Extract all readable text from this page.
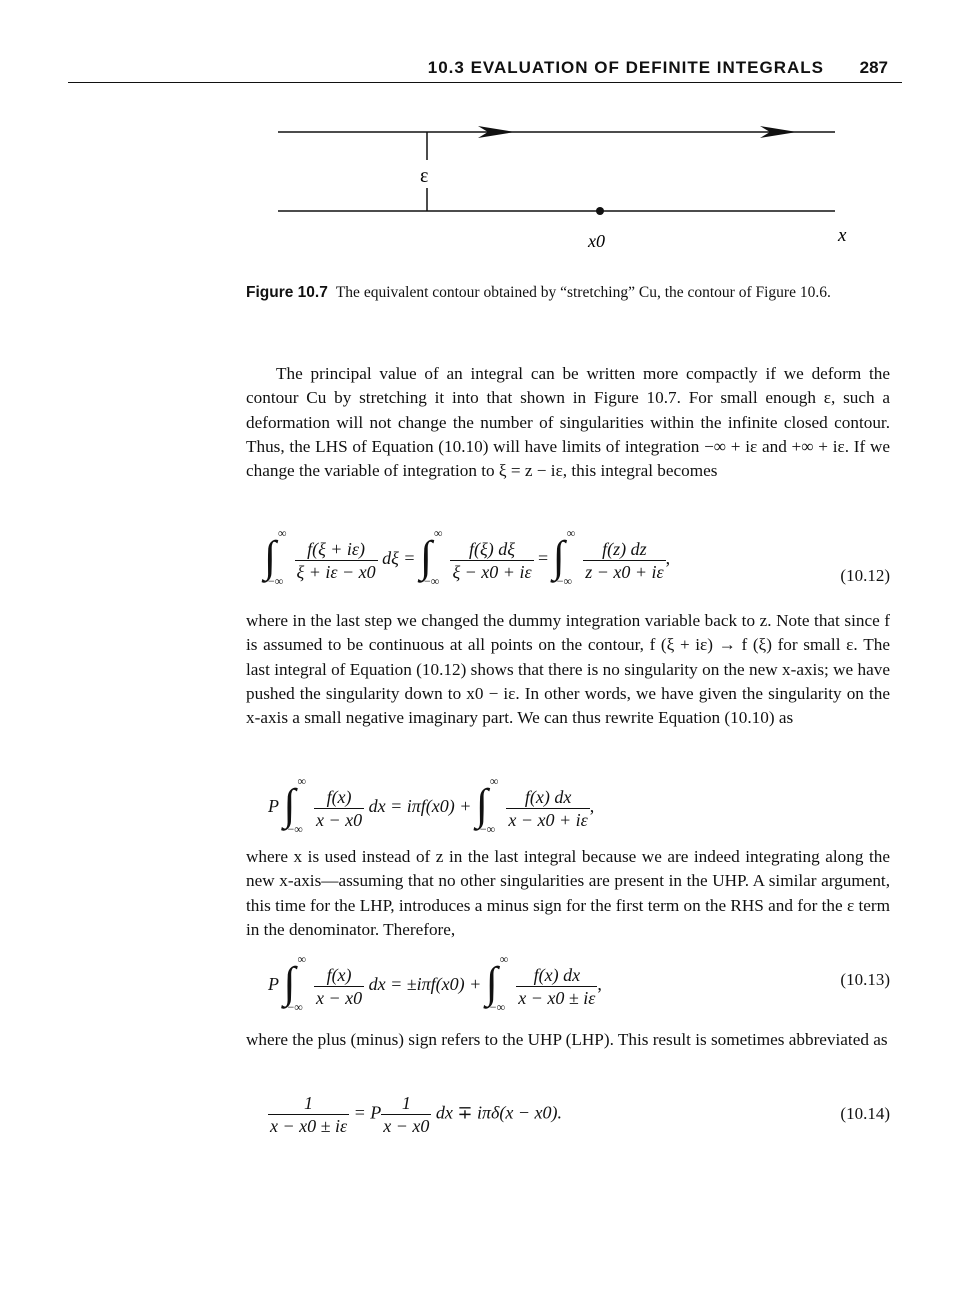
10.3 EVALUATION OF DEFINITE INTEGRALS 287
ε
x0	x
Figure 10.7 The equivalent contour obtained by “stretching” Cu, the contour of Figure 10.6.

The principal value of an integral can be written more compactly if we deform the contour Cu by stretching it into that shown in Figure 10.7. For small enough ε, such a deformation will not change the number of singularities within the infinite closed contour. Thus, the LHS of Equation (10.10) will have limits of integration −∞ + iε and +∞ + iε. If we change the variable of integration to ξ = z − iε, this integral becomes

∫ ∞
−∞
$\frac{f(\xi + i\varepsilon)}{\xi + i\varepsilon - x0}$ dξ = ∫ ∞
−∞
$\frac{f(\xi) d\xi}{\xi - x0 + i\varepsilon}$ = ∫ ∞
−∞
$\frac{f(z) dz}{z - x0 + i\varepsilon}$ ,
(10.12)

where in the last step we changed the dummy integration variable back to z. Note that since f is assumed to be continuous at all points on the contour, f (ξ + iε) → f (ξ) for small ε. The last integral of Equation (10.12) shows that there is no singularity on the new x-axis; we have pushed the singularity down to x0 − iε. In other words, we have given the singularity on the x-axis a small negative imaginary part. We can thus rewrite Equation (10.10) as

P ∫ ∞
−∞
$\frac{f(x)}{x - x0}$ dx = iπf(x0) + ∫ ∞
−∞
$\frac{f(x) dx}{x - x0 + i\varepsilon}$ ,

where x is used instead of z in the last integral because we are indeed integrating along the new x-axis—assuming that no other singularities are present in the UHP. A similar argument, this time for the LHP, introduces a minus sign for the first term on the RHS and for the ε term in the denominator. Therefore,

P ∫ ∞
−∞
$\frac{f(x)}{x - x0}$ dx = ±iπf(x0) + ∫ ∞
−∞
$\frac{f(x) dx}{x - x0 \pm i\varepsilon}$ ,	(10.13)

where the plus (minus) sign refers to the UHP (LHP). This result is sometimes abbreviated as

$\frac{1}{x - x0 \pm i\varepsilon} = P \frac{1}{x - x0}$ dx ∓ iπδ(x − x0).	(10.14)
